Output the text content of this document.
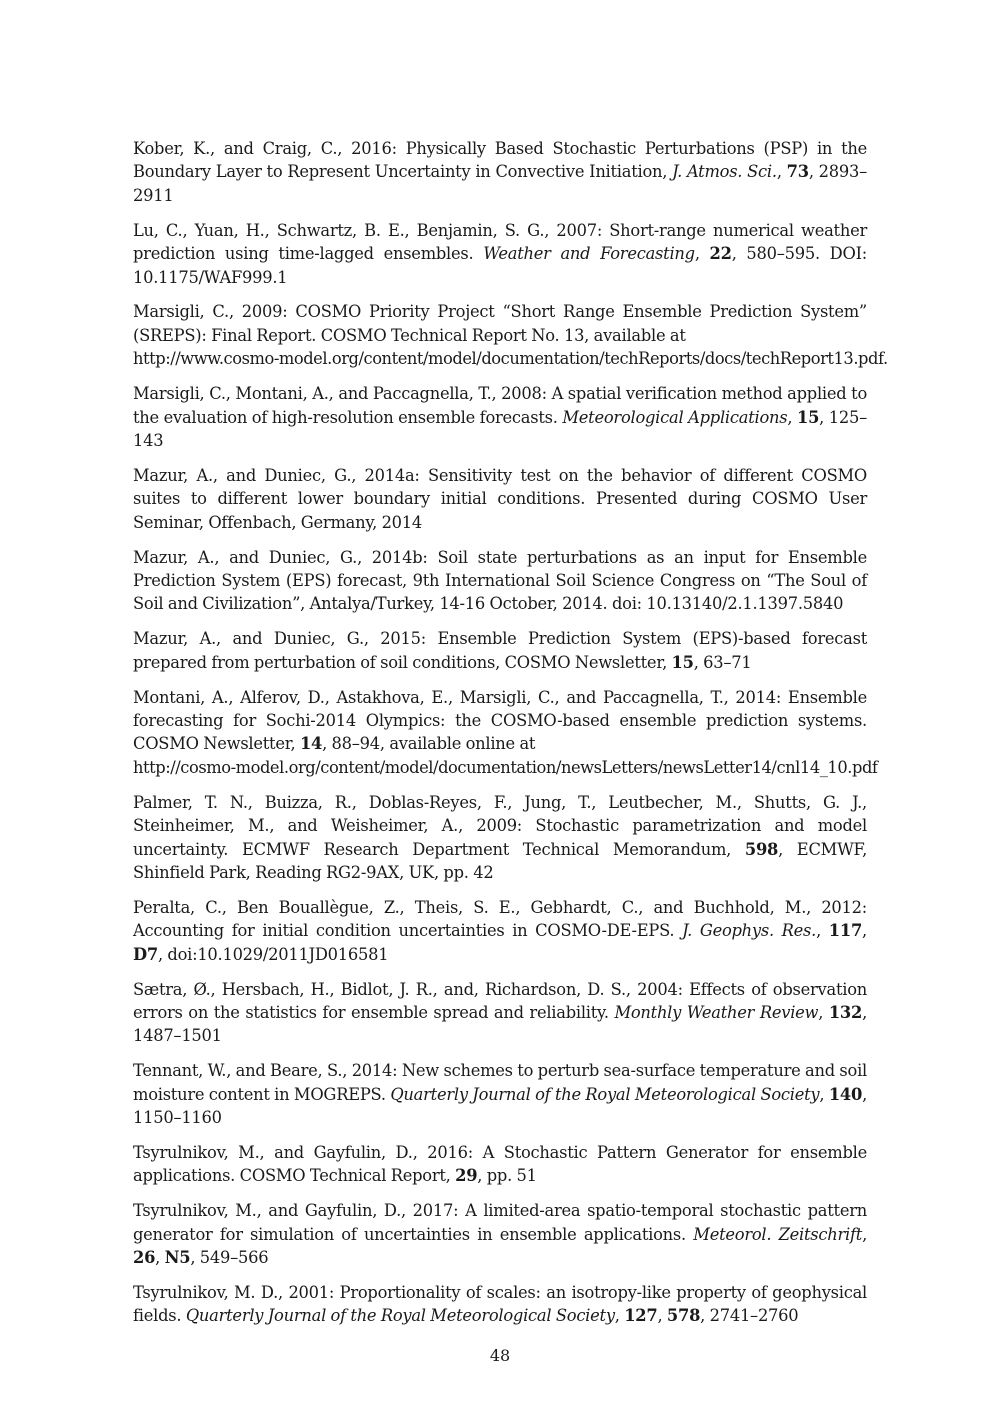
Kober, K., and Craig, C., 2016: Physically Based Stochastic Perturbations (PSP) in the Boundary Layer to Represent Uncertainty in Convective Initiation, J. Atmos. Sci., 73, 2893–2911

Lu, C., Yuan, H., Schwartz, B. E., Benjamin, S. G., 2007: Short-range numerical weather prediction using time-lagged ensembles. Weather and Forecasting, 22, 580–595. DOI: 10.1175/WAF999.1

Marsigli, C., 2009: COSMO Priority Project “Short Range Ensemble Prediction System” (SREPS): Final Report. COSMO Technical Report No. 13, available at
http://www.cosmo-model.org/content/model/documentation/techReports/docs/techReport13.pdf.

Marsigli, C., Montani, A., and Paccagnella, T., 2008: A spatial verification method applied to the evaluation of high-resolution ensemble forecasts. Meteorological Applications, 15, 125–143

Mazur, A., and Duniec, G., 2014a: Sensitivity test on the behavior of different COSMO suites to different lower boundary initial conditions. Presented during COSMO User Seminar, Offenbach, Germany, 2014

Mazur, A., and Duniec, G., 2014b: Soil state perturbations as an input for Ensemble Prediction System (EPS) forecast, 9th International Soil Science Congress on “The Soul of Soil and Civilization”, Antalya/Turkey, 14-16 October, 2014. doi: 10.13140/2.1.1397.5840

Mazur, A., and Duniec, G., 2015: Ensemble Prediction System (EPS)-based forecast prepared from perturbation of soil conditions, COSMO Newsletter, 15, 63–71

Montani, A., Alferov, D., Astakhova, E., Marsigli, C., and Paccagnella, T., 2014: Ensemble forecasting for Sochi-2014 Olympics: the COSMO-based ensemble prediction systems. COSMO Newsletter, 14, 88–94, available online at
http://cosmo-model.org/content/model/documentation/newsLetters/newsLetter14/cnl14_10.pdf

Palmer, T. N., Buizza, R., Doblas-Reyes, F., Jung, T., Leutbecher, M., Shutts, G. J., Steinheimer, M., and Weisheimer, A., 2009: Stochastic parametrization and model uncertainty. ECMWF Research Department Technical Memorandum, 598, ECMWF, Shinfield Park, Reading RG2-9AX, UK, pp. 42

Peralta, C., Ben Bouallègue, Z., Theis, S. E., Gebhardt, C., and Buchhold, M., 2012: Accounting for initial condition uncertainties in COSMO-DE-EPS. J. Geophys. Res., 117, D7, doi:10.1029/2011JD016581

Sætra, Ø., Hersbach, H., Bidlot, J. R., and, Richardson, D. S., 2004: Effects of observation errors on the statistics for ensemble spread and reliability. Monthly Weather Review, 132, 1487–1501

Tennant, W., and Beare, S., 2014: New schemes to perturb sea-surface temperature and soil moisture content in MOGREPS. Quarterly Journal of the Royal Meteorological Society, 140, 1150–1160

Tsyrulnikov, M., and Gayfulin, D., 2016: A Stochastic Pattern Generator for ensemble applications. COSMO Technical Report, 29, pp. 51

Tsyrulnikov, M., and Gayfulin, D., 2017: A limited-area spatio-temporal stochastic pattern generator for simulation of uncertainties in ensemble applications. Meteorol. Zeitschrift, 26, N5, 549–566

Tsyrulnikov, M. D., 2001: Proportionality of scales: an isotropy-like property of geophysical fields. Quarterly Journal of the Royal Meteorological Society, 127, 578, 2741–2760

48
